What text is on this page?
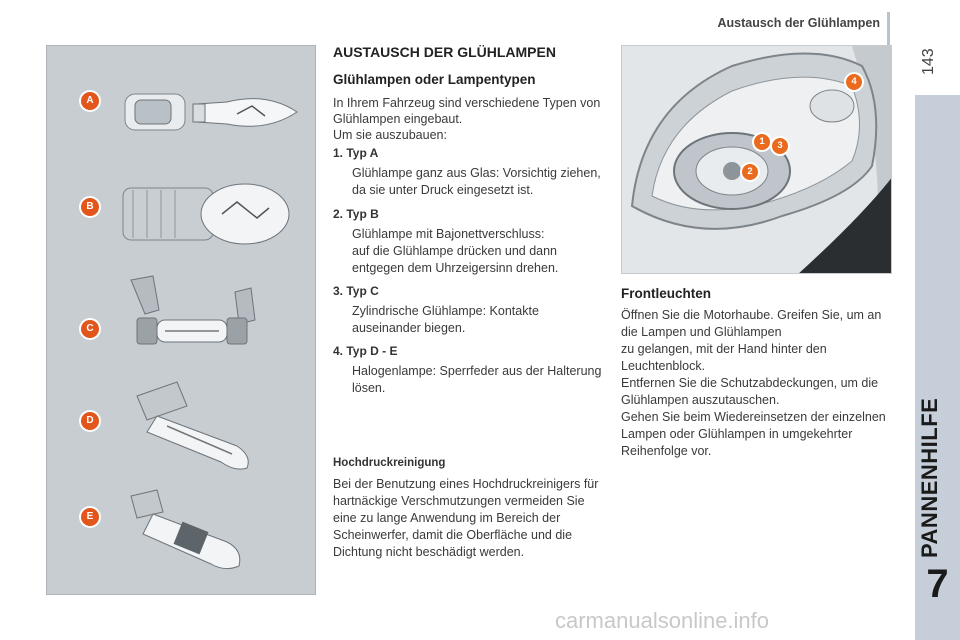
Austausch der Glühlampen
143
PANNENHILFE
7
A
B
C
D
E
AUSTAUSCH DER GLÜHLAMPEN
Glühlampen oder Lampentypen
In Ihrem Fahrzeug sind verschiedene Typen von Glühlampen eingebaut.
Um sie auszubauen:
1. Typ A
Glühlampe ganz aus Glas: Vorsichtig ziehen, da sie unter Druck eingesetzt ist.
2. Typ B
Glühlampe mit Bajonettverschluss:
auf die Glühlampe drücken und dann entgegen dem Uhrzeigersinn drehen.
3. Typ C
Zylindrische Glühlampe: Kontakte auseinander biegen.
4. Typ D - E
Halogenlampe: Sperrfeder aus der Halterung lösen.
Hochdruckreinigung
Bei der Benutzung eines Hochdruckreinigers für hartnäckige Verschmutzungen vermeiden Sie eine zu lange Anwendung im Bereich der Scheinwerfer, damit die Oberfläche und die Dichtung nicht beschädigt werden.
1
2
3
4
Frontleuchten
Öffnen Sie die Motorhaube. Greifen Sie, um an die Lampen und Glühlampen
zu gelangen, mit der Hand hinter den Leuchtenblock.
Entfernen Sie die Schutzabdeckungen, um die Glühlampen auszutauschen.
Gehen Sie beim Wiedereinsetzen der einzelnen Lampen oder Glühlampen in umgekehrter Reihenfolge vor.
carmanualsonline.info
